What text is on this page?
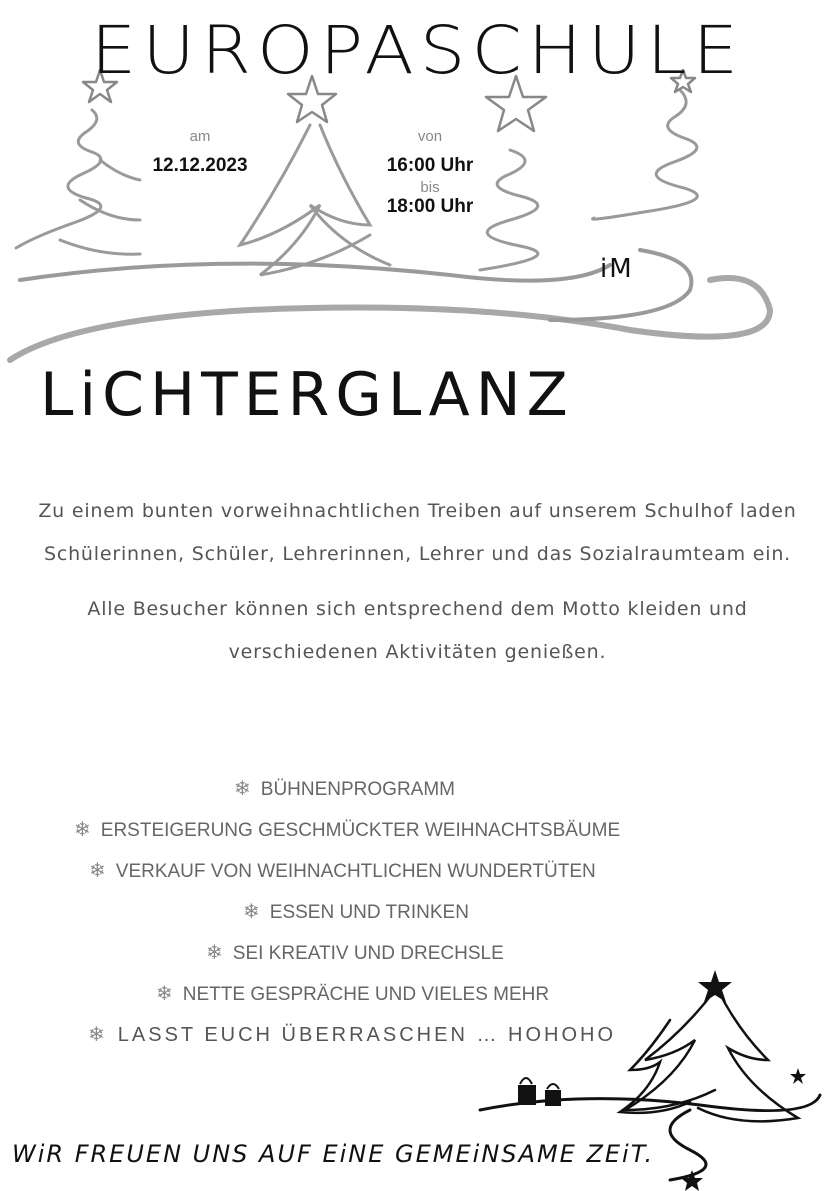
EUROPASCHULE
am
12.12.2023
von
16:00 Uhr
bis
18:00 Uhr
iM
LiCHTERGLANZ

Zu einem bunten vorweihnachtlichen Treiben auf unserem Schulhof laden Schülerinnen, Schüler, Lehrerinnen, Lehrer und das Sozialraumteam ein.

Alle Besucher können sich entsprechend dem Motto kleiden und verschiedenen Aktivitäten genießen.

❄ BÜHNENPROGRAMM
❄ ERSTEIGERUNG GESCHMÜCKTER WEIHNACHTSBÄUME
❄ VERKAUF VON WEIHNACHTLICHEN WUNDERTÜTEN
❄ ESSEN UND TRINKEN
❄ SEI KREATIV UND DRECHSLE
❄ NETTE GESPRÄCHE UND VIELES MEHR
❄ LASST EUCH ÜBERRASCHEN … HOHOHO
WiR FREUEN UNS AUF EiNE GEMEiNSAME ZEiT.
